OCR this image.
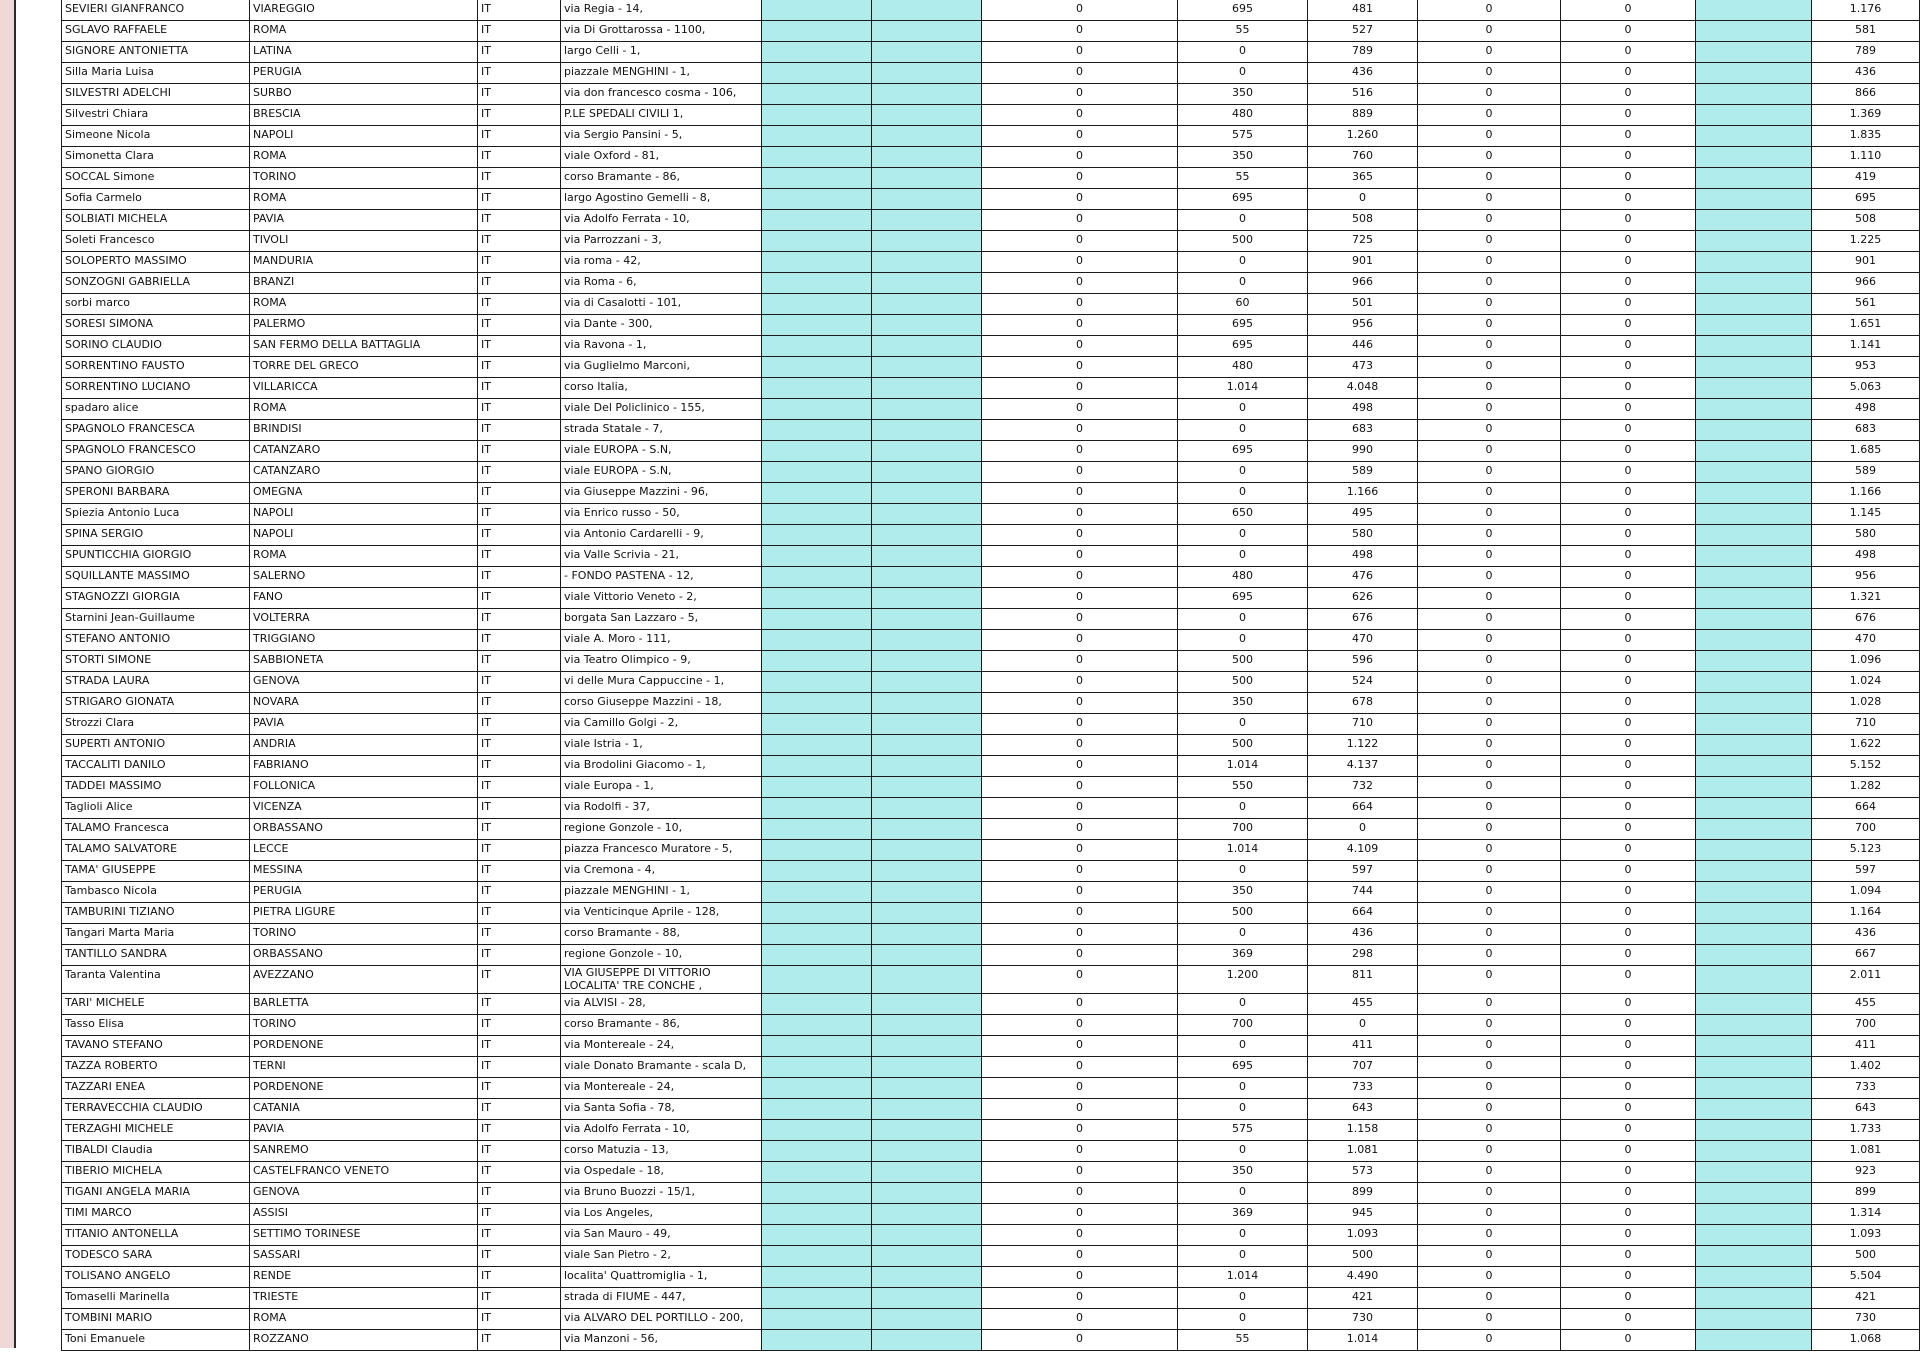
SEVIERI GIANFRANCO	VIAREGGIO	IT	via Regia - 14,			0	695	481	0	0		1.176
SGLAVO RAFFAELE	ROMA	IT	via Di Grottarossa - 1100,			0	55	527	0	0		581
SIGNORE ANTONIETTA	LATINA	IT	largo Celli - 1,			0	0	789	0	0		789
Silla Maria Luisa	PERUGIA	IT	piazzale MENGHINI - 1,			0	0	436	0	0		436
SILVESTRI ADELCHI	SURBO	IT	via don francesco cosma - 106,			0	350	516	0	0		866
Silvestri Chiara	BRESCIA	IT	P.LE SPEDALI CIVILI 1,			0	480	889	0	0		1.369
Simeone Nicola	NAPOLI	IT	via Sergio Pansini - 5,			0	575	1.260	0	0		1.835
Simonetta Clara	ROMA	IT	viale Oxford - 81,			0	350	760	0	0		1.110
SOCCAL Simone	TORINO	IT	corso Bramante - 86,			0	55	365	0	0		419
Sofia Carmelo	ROMA	IT	largo Agostino Gemelli - 8,			0	695	0	0	0		695
SOLBIATI MICHELA	PAVIA	IT	via Adolfo Ferrata - 10,			0	0	508	0	0		508
Soleti Francesco	TIVOLI	IT	via Parrozzani - 3,			0	500	725	0	0		1.225
SOLOPERTO MASSIMO	MANDURIA	IT	via roma - 42,			0	0	901	0	0		901
SONZOGNI GABRIELLA	BRANZI	IT	via Roma - 6,			0	0	966	0	0		966
sorbi marco	ROMA	IT	via di Casalotti - 101,			0	60	501	0	0		561
SORESI SIMONA	PALERMO	IT	via Dante - 300,			0	695	956	0	0		1.651
SORINO CLAUDIO	SAN FERMO DELLA BATTAGLIA	IT	via Ravona - 1,			0	695	446	0	0		1.141
SORRENTINO FAUSTO	TORRE DEL GRECO	IT	via Guglielmo Marconi,			0	480	473	0	0		953
SORRENTINO LUCIANO	VILLARICCA	IT	corso Italia,			0	1.014	4.048	0	0		5.063
spadaro alice	ROMA	IT	viale Del Policlinico - 155,			0	0	498	0	0		498
SPAGNOLO FRANCESCA	BRINDISI	IT	strada Statale - 7,			0	0	683	0	0		683
SPAGNOLO FRANCESCO	CATANZARO	IT	viale EUROPA - S.N,			0	695	990	0	0		1.685
SPANO GIORGIO	CATANZARO	IT	viale EUROPA - S.N,			0	0	589	0	0		589
SPERONI BARBARA	OMEGNA	IT	via Giuseppe Mazzini - 96,			0	0	1.166	0	0		1.166
Spiezia Antonio Luca	NAPOLI	IT	via Enrico russo - 50,			0	650	495	0	0		1.145
SPINA SERGIO	NAPOLI	IT	via Antonio Cardarelli - 9,			0	0	580	0	0		580
SPUNTICCHIA GIORGIO	ROMA	IT	via Valle Scrivia - 21,			0	0	498	0	0		498
SQUILLANTE MASSIMO	SALERNO	IT	- FONDO PASTENA - 12,			0	480	476	0	0		956
STAGNOZZI GIORGIA	FANO	IT	viale Vittorio Veneto - 2,			0	695	626	0	0		1.321
Starnini Jean-Guillaume	VOLTERRA	IT	borgata San Lazzaro - 5,			0	0	676	0	0		676
STEFANO ANTONIO	TRIGGIANO	IT	viale A. Moro - 111,			0	0	470	0	0		470
STORTI SIMONE	SABBIONETA	IT	via Teatro Olimpico - 9,			0	500	596	0	0		1.096
STRADA LAURA	GENOVA	IT	vi delle Mura Cappuccine - 1,			0	500	524	0	0		1.024
STRIGARO GIONATA	NOVARA	IT	corso Giuseppe Mazzini - 18,			0	350	678	0	0		1.028
Strozzi Clara	PAVIA	IT	via Camillo Golgi - 2,			0	0	710	0	0		710
SUPERTI ANTONIO	ANDRIA	IT	viale Istria - 1,			0	500	1.122	0	0		1.622
TACCALITI DANILO	FABRIANO	IT	via Brodolini Giacomo - 1,			0	1.014	4.137	0	0		5.152
TADDEI MASSIMO	FOLLONICA	IT	viale Europa - 1,			0	550	732	0	0		1.282
Taglioli Alice	VICENZA	IT	via Rodolfi - 37,			0	0	664	0	0		664
TALAMO Francesca	ORBASSANO	IT	regione Gonzole - 10,			0	700	0	0	0		700
TALAMO SALVATORE	LECCE	IT	piazza Francesco Muratore - 5,			0	1.014	4.109	0	0		5.123
TAMA' GIUSEPPE	MESSINA	IT	via Cremona - 4,			0	0	597	0	0		597
Tambasco Nicola	PERUGIA	IT	piazzale MENGHINI - 1,			0	350	744	0	0		1.094
TAMBURINI TIZIANO	PIETRA LIGURE	IT	via Venticinque Aprile - 128,			0	500	664	0	0		1.164
Tangari Marta Maria	TORINO	IT	corso Bramante - 88,			0	0	436	0	0		436
TANTILLO SANDRA	ORBASSANO	IT	regione Gonzole - 10,			0	369	298	0	0		667
Taranta Valentina	AVEZZANO	IT	VIA GIUSEPPE DI VITTORIO LOCALITA' TRE CONCHE ,			0	1.200	811	0	0		2.011
TARI' MICHELE	BARLETTA	IT	via ALVISI - 28,			0	0	455	0	0		455
Tasso Elisa	TORINO	IT	corso Bramante - 86,			0	700	0	0	0		700
TAVANO STEFANO	PORDENONE	IT	via Montereale - 24,			0	0	411	0	0		411
TAZZA ROBERTO	TERNI	IT	viale Donato Bramante - scala D,			0	695	707	0	0		1.402
TAZZARI ENEA	PORDENONE	IT	via Montereale - 24,			0	0	733	0	0		733
TERRAVECCHIA CLAUDIO	CATANIA	IT	via Santa Sofia - 78,			0	0	643	0	0		643
TERZAGHI MICHELE	PAVIA	IT	via Adolfo Ferrata - 10,			0	575	1.158	0	0		1.733
TIBALDI Claudia	SANREMO	IT	corso Matuzia - 13,			0	0	1.081	0	0		1.081
TIBERIO MICHELA	CASTELFRANCO VENETO	IT	via Ospedale - 18,			0	350	573	0	0		923
TIGANI ANGELA MARIA	GENOVA	IT	via Bruno Buozzi - 15/1,			0	0	899	0	0		899
TIMI MARCO	ASSISI	IT	via Los Angeles,			0	369	945	0	0		1.314
TITANIO ANTONELLA	SETTIMO TORINESE	IT	via San Mauro - 49,			0	0	1.093	0	0		1.093
TODESCO SARA	SASSARI	IT	viale San Pietro - 2,			0	0	500	0	0		500
TOLISANO ANGELO	RENDE	IT	localita' Quattromiglia - 1,			0	1.014	4.490	0	0		5.504
Tomaselli Marinella	TRIESTE	IT	strada di FIUME - 447,			0	0	421	0	0		421
TOMBINI MARIO	ROMA	IT	via ALVARO DEL PORTILLO - 200,			0	0	730	0	0		730
Toni Emanuele	ROZZANO	IT	via Manzoni - 56,			0	55	1.014	0	0		1.068
